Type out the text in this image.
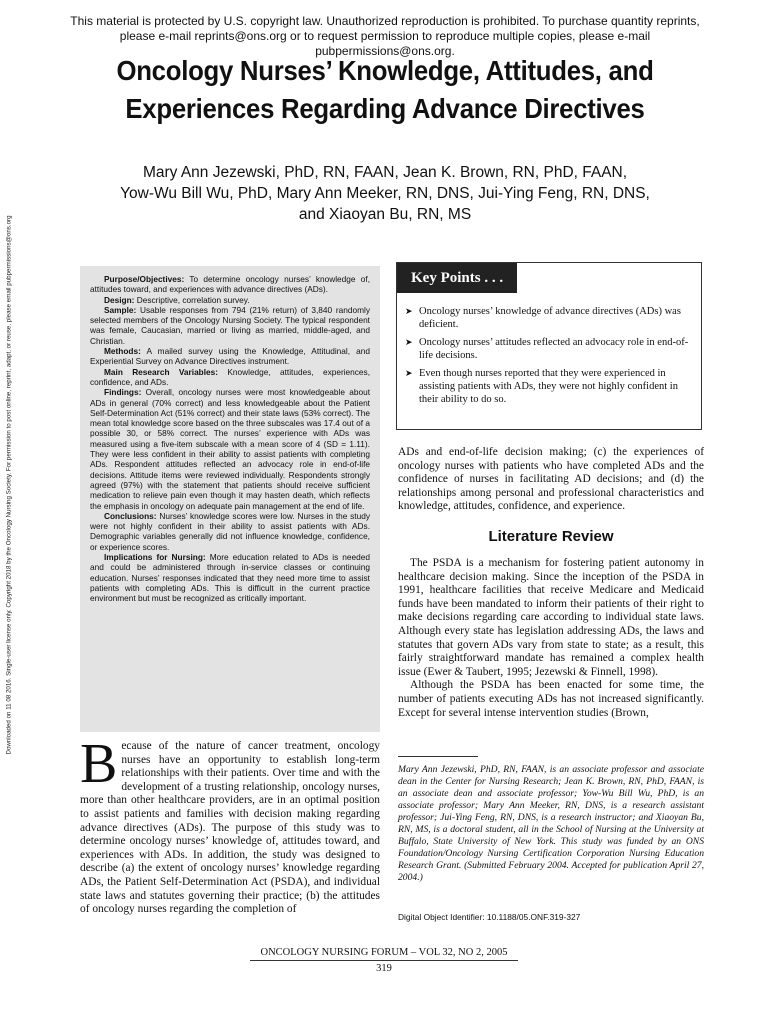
This material is protected by U.S. copyright law. Unauthorized reproduction is prohibited. To purchase quantity reprints,
please e-mail reprints@ons.org or to request permission to reproduce multiple copies, please e-mail pubpermissions@ons.org.
Oncology Nurses’ Knowledge, Attitudes, and
Experiences Regarding Advance Directives
Mary Ann Jezewski, PhD, RN, FAAN, Jean K. Brown, RN, PhD, FAAN,
Yow-Wu Bill Wu, PhD, Mary Ann Meeker, RN, DNS, Jui-Ying Feng, RN, DNS,
and Xiaoyan Bu, RN, MS
Downloaded on 11 08 2016. Single-user license only. Copyright 2018 by the Oncology Nursing Society. For permission to post online, reprint, adapt, or reuse, please email pubpermissions@ons.org	Purpose/Objectives: To determine oncology nurses’ knowledge of, attitudes toward, and experiences with advance directives (ADs).

Design: Descriptive, correlation survey.

Sample: Usable responses from 794 (21% return) of 3,840 randomly selected members of the Oncology Nursing Society. The typical respondent was female, Caucasian, married or living as married, middle-aged, and Christian.

Methods: A mailed survey using the Knowledge, Attitudinal, and Experiential Survey on Advance Directives instrument.

Main Research Variables: Knowledge, attitudes, experiences, confidence, and ADs.

Findings: Overall, oncology nurses were most knowledgeable about ADs in general (70% correct) and less knowledgeable about the Patient Self-Determination Act (51% correct) and their state laws (53% correct). The mean total knowledge score based on the three subscales was 17.4 out of a possible 30, or 58% correct. The nurses’ experience with ADs was measured using a five-item subscale with a mean score of 4 (SD = 1.11). They were less confident in their ability to assist patients with completing ADs. Respondent attitudes reflected an advocacy role in end-of-life decisions. Attitude items were reviewed individually. Respondents strongly agreed (97%) with the statement that patients should receive sufficient medication to relieve pain even though it may hasten death, which reflects the emphasis in oncology on adequate pain management at the end of life.

Conclusions: Nurses’ knowledge scores were low. Nurses in the study were not highly confident in their ability to assist patients with ADs. Demographic variables generally did not influence knowledge, confidence, or experience scores.

Implications for Nursing: More education related to ADs is needed and could be administered through in-service classes or continuing education. Nurses’ responses indicated that they need more time to assist patients with completing ADs. This is difficult in the current practice environment but must be recognized as critically important.

Key Points . . .
➤ Oncology nurses’ knowledge of advance directives (ADs) was deficient.
➤ Oncology nurses’ attitudes reflected an advocacy role in end-of-life decisions.
➤ Even though nurses reported that they were experienced in assisting patients with ADs, they were not highly confident in their ability to do so.

Because of the nature of cancer treatment, oncology nurses have an opportunity to establish long-term relationships with their patients. Over time and with the development of a trusting relationship, oncology nurses, more than other healthcare providers, are in an optimal position to assist patients and families with decision making regarding advance directives (ADs). The purpose of this study was to determine oncology nurses’ knowledge of, attitudes toward, and experiences with ADs. In addition, the study was designed to describe (a) the extent of oncology nurses’ knowledge regarding ADs, the Patient Self-Determination Act (PSDA), and individual state laws and statutes governing their practice; (b) the attitudes of oncology nurses regarding the completion of

ADs and end-of-life decision making; (c) the experiences of oncology nurses with patients who have completed ADs and the confidence of nurses in facilitating AD decisions; and (d) the relationships among personal and professional characteristics and knowledge, attitudes, confidence, and experience.

Literature Review

The PSDA is a mechanism for fostering patient autonomy in healthcare decision making. Since the inception of the PSDA in 1991, healthcare facilities that receive Medicare and Medicaid funds have been mandated to inform their patients of their right to make decisions regarding care according to individual state laws. Although every state has legislation addressing ADs, the laws and statutes that govern ADs vary from state to state; as a result, this fairly straightforward mandate has remained a complex health issue (Ewer & Taubert, 1995; Jezewski & Finnell, 1998).

Although the PSDA has been enacted for some time, the number of patients executing ADs has not increased significantly. Except for several intense intervention studies (Brown,

Mary Ann Jezewski, PhD, RN, FAAN, is an associate professor and associate dean in the Center for Nursing Research; Jean K. Brown, RN, PhD, FAAN, is an associate dean and associate professor; Yow-Wu Bill Wu, PhD, is an associate professor; Mary Ann Meeker, RN, DNS, is a research assistant professor; Jui-Ying Feng, RN, DNS, is a research instructor; and Xiaoyan Bu, RN, MS, is a doctoral student, all in the School of Nursing at the University at Buffalo, State University of New York. This study was funded by an ONS Foundation/Oncology Nursing Certification Corporation Nursing Education Research Grant. (Submitted February 2004. Accepted for publication April 27, 2004.)
Digital Object Identifier: 10.1188/05.ONF.319-327
ONCOLOGY NURSING FORUM – VOL 32, NO 2, 2005
319
